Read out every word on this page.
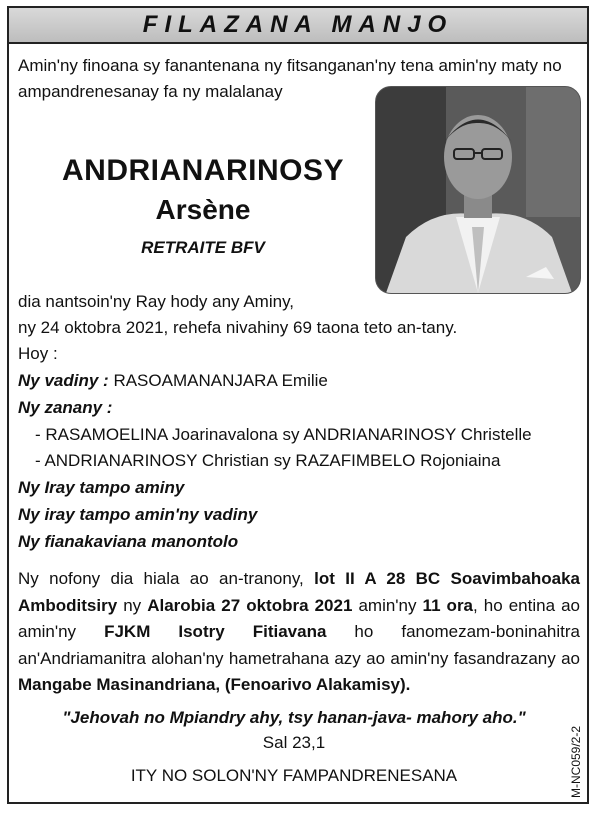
FILAZANA MANJO
Amin'ny finoana sy fanantenana ny fitsanganan'ny tena amin'ny maty no ampandrenesanay fa ny malalanay
ANDRIANARINOSY
Arsène
RETRAITE BFV
dia nantsoin'ny Ray hody any Aminy,
ny 24 oktobra 2021, rehefa nivahiny 69 taona teto an-tany.
Hoy :
Ny vadiny : RASOAMANANJARA Emilie
Ny zanany :
- RASAMOELINA Joarinavalona sy ANDRIANARINOSY Christelle
- ANDRIANARINOSY Christian sy RAZAFIMBELO Rojoniaina
Ny Iray tampo aminy
Ny iray tampo amin'ny vadiny
Ny fianakaviana manontolo
Ny nofony dia hiala ao an-tranony, lot II A 28 BC Soavimbahoaka Amboditsiry ny Alarobia 27 oktobra 2021 amin'ny 11 ora, ho entina ao amin'ny FJKM Isotry Fitiavana ho fanomezam-boninahitra an'Andriamanitra alohan'ny hametrahana azy ao amin'ny fasandrazany ao Mangabe Masinandriana, (Fenoarivo Alakamisy).
"Jehovah no Mpiandry ahy, tsy hanan-java- mahory aho."
Sal 23,1
ITY NO SOLON'NY FAMPANDRENESANA	M-NC059/2-2
